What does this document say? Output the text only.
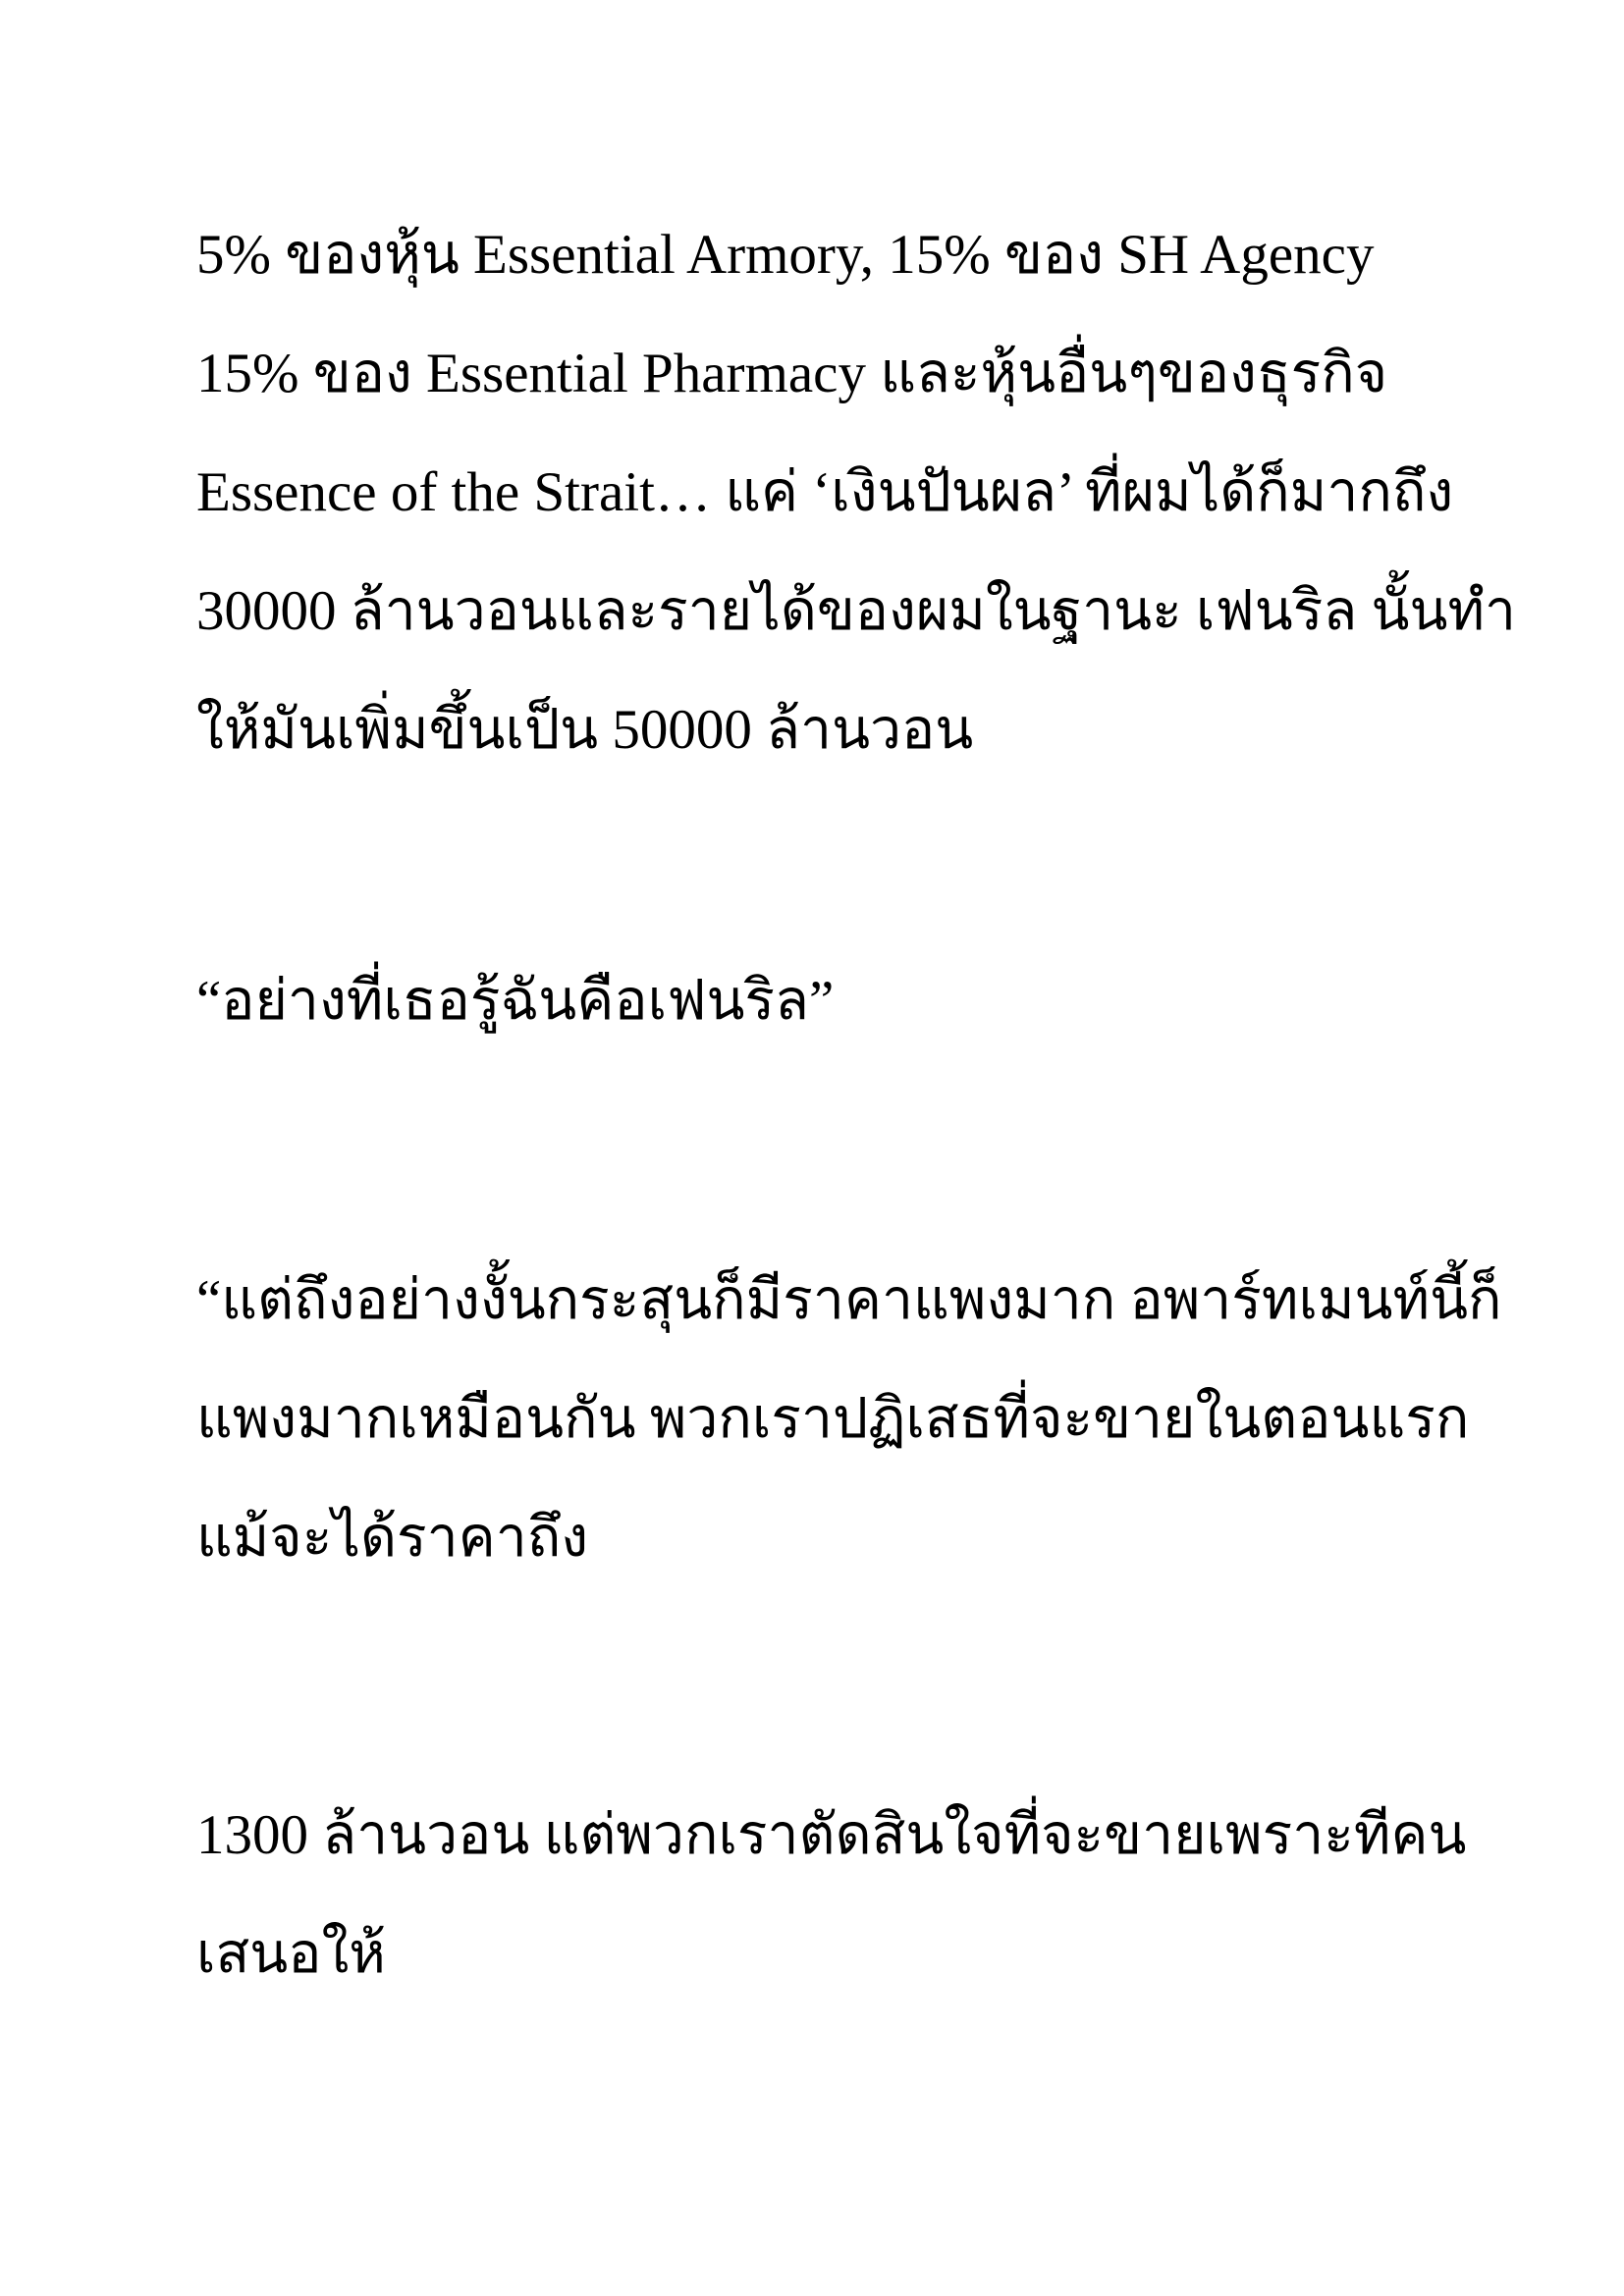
5% ของหุ้น Essential Armory, 15% ของ SH Agency

15% ของ Essential Pharmacy และหุ้นอื่นๆของธุรกิจ

Essence of the Strait… แค่ ‘เงินปันผล’ ที่ผมได้ก็มากถึง

30000 ล้านวอนและรายได้ของผมในฐานะ เฟนริล นั้นทำ

ให้มันเพิ่มขึ้นเป็น 50000 ล้านวอน

“อย่างที่เธอรู้ฉันคือเฟนริล”

“แต่ถึงอย่างงั้นกระสุนก็มีราคาแพงมาก อพาร์ทเมนท์นี้ก็

แพงมากเหมือนกัน พวกเราปฏิเสธที่จะขายในตอนแรก

แม้จะได้ราคาถึง

1300 ล้านวอน แต่พวกเราตัดสินใจที่จะขายเพราะทีคน

เสนอให้
